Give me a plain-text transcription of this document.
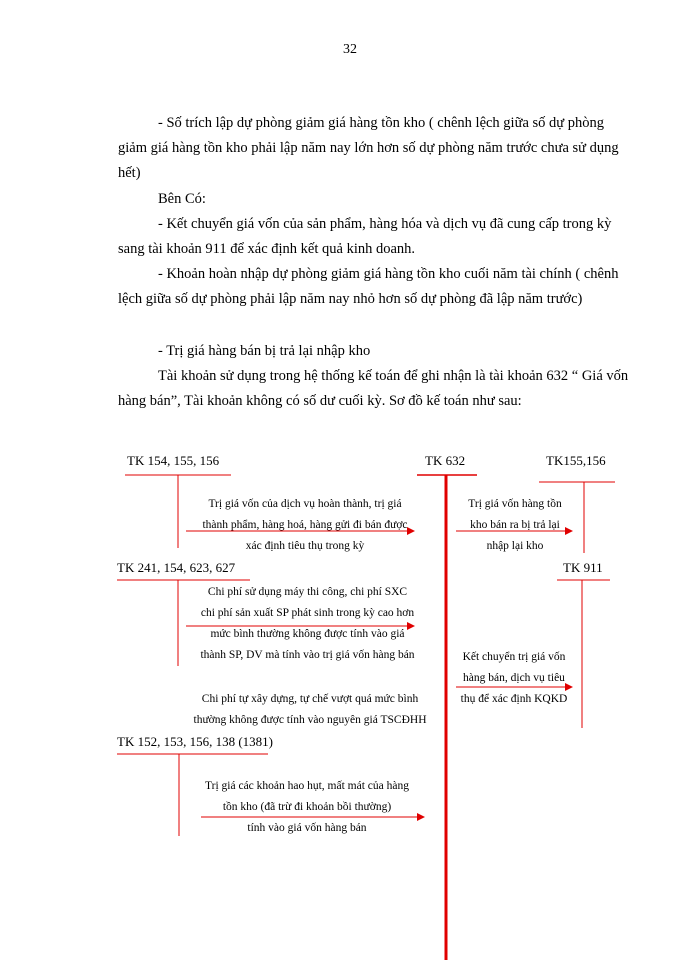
32
- Số trích lập dự phòng giảm giá hàng tồn kho ( chênh lệch giữa số dự phòng giảm giá hàng tồn kho phải lập năm nay lớn hơn số dự phòng năm trước chưa sử dụng hết)
Bên Có:
- Kết chuyển giá vốn của sản phẩm, hàng hóa và dịch vụ đã cung cấp trong kỳ sang tài khoản 911 để xác định kết quả kinh doanh.
- Khoản hoàn nhập dự phòng giảm giá hàng tồn kho cuối năm tài chính ( chênh lệch giữa số dự phòng phải lập năm nay nhỏ hơn số dự phòng đã lập năm trước)
- Trị giá hàng bán bị trả lại nhập kho
Tài khoản sử dụng trong hệ thống kế toán để ghi nhận là tài khoản 632 “ Giá vốn hàng bán”, Tài khoản không có số dư cuối kỳ. Sơ đồ kế toán như sau:
TK 154, 155, 156	TK 632	TK155,156
TK 241, 154, 623, 627	TK 911
TK 152, 153, 156, 138 (1381)
Trị giá vốn của dịch vụ hoàn thành, trị giá
thành phẩm, hàng hoá, hàng gửi đi bán được
xác định tiêu thụ trong kỳ
Trị giá vốn hàng tồn
kho bán ra bị trả lại
nhập lại kho
Chi phí sử dụng máy thi công, chi phí SXC
chi phí sản xuất SP phát sinh trong kỳ cao hơn
mức bình thường không được tính vào giá
thành SP, DV mà tính vào trị giá vốn hàng bán	Kết chuyển trị giá vốn
hàng bán, dịch vụ tiêu
thụ để xác định KQKD
Chi phí tự xây dựng, tự chế vượt quá mức bình
thường không được tính vào nguyên giá TSCĐHH
Trị giá các khoản hao hụt, mất mát của hàng
tồn kho (đã trừ đi khoản bồi thường)
tính vào giá vốn hàng bán
